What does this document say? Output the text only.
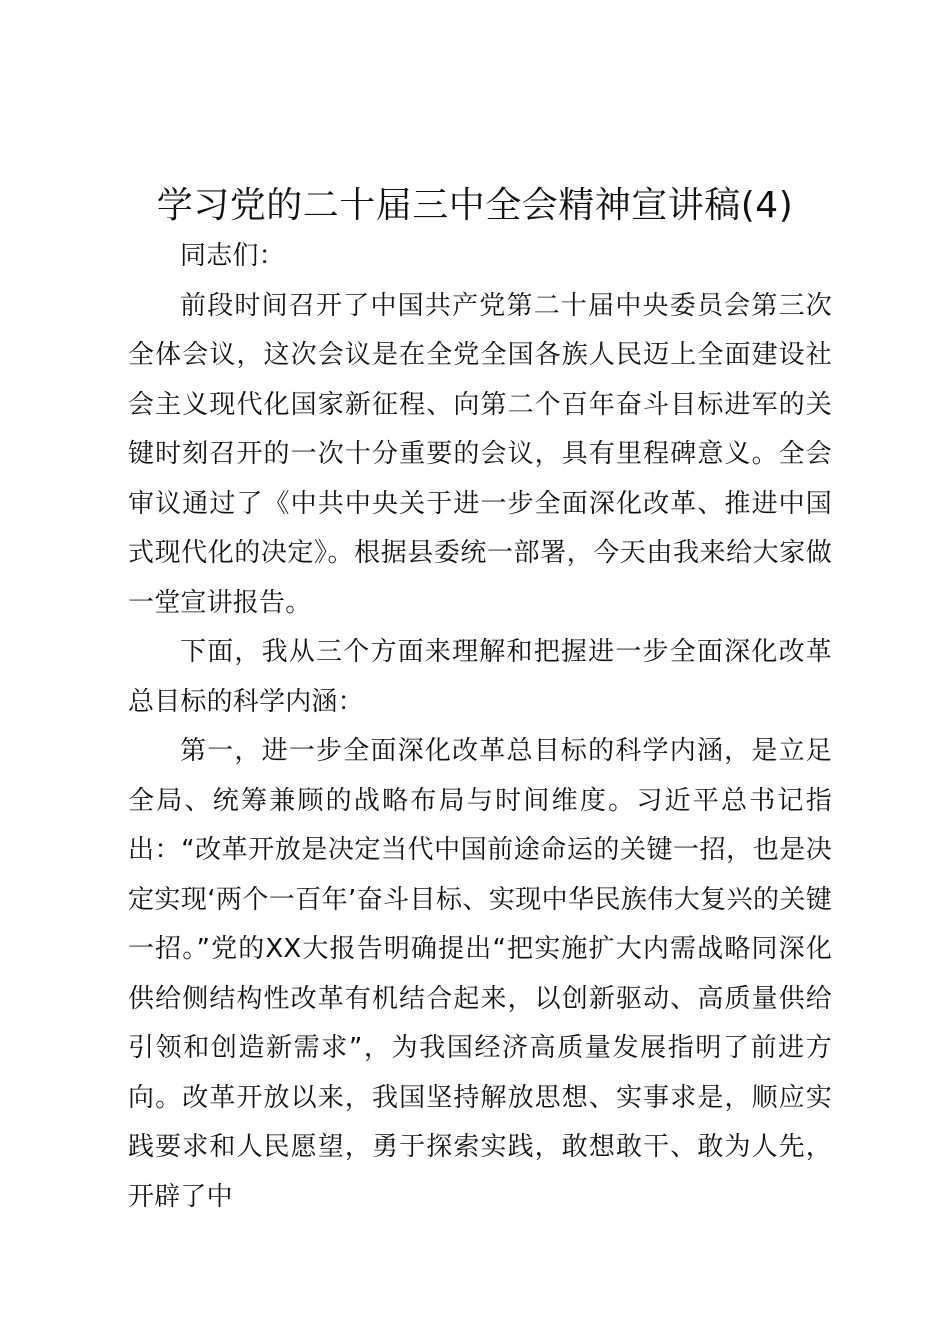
学习党的二十届三中全会精神宣讲稿(4)

同志们：

前段时间召开了中国共产党第二十届中央委员会第三次全体会议，这次会议是在全党全国各族人民迈上全面建设社会主义现代化国家新征程、向第二个百年奋斗目标进军的关键时刻召开的一次十分重要的会议，具有里程碑意义。全会审议通过了《中共中央关于进一步全面深化改革、推进中国式现代化的决定》。根据县委统一部署，今天由我来给大家做一堂宣讲报告。

下面，我从三个方面来理解和把握进一步全面深化改革总目标的科学内涵：

第一，进一步全面深化改革总目标的科学内涵，是立足全局、统筹兼顾的战略布局与时间维度。习近平总书记指出：“改革开放是决定当代中国前途命运的关键一招，也是决定实现‘两个一百年’奋斗目标、实现中华民族伟大复兴的关键一招。”党的XX大报告明确提出“把实施扩大内需战略同深化供给侧结构性改革有机结合起来，以创新驱动、高质量供给引领和创造新需求”，为我国经济高质量发展指明了前进方向。改革开放以来，我国坚持解放思想、实事求是，顺应实践要求和人民愿望，勇于探索实践，敢想敢干、敢为人先，开辟了中
